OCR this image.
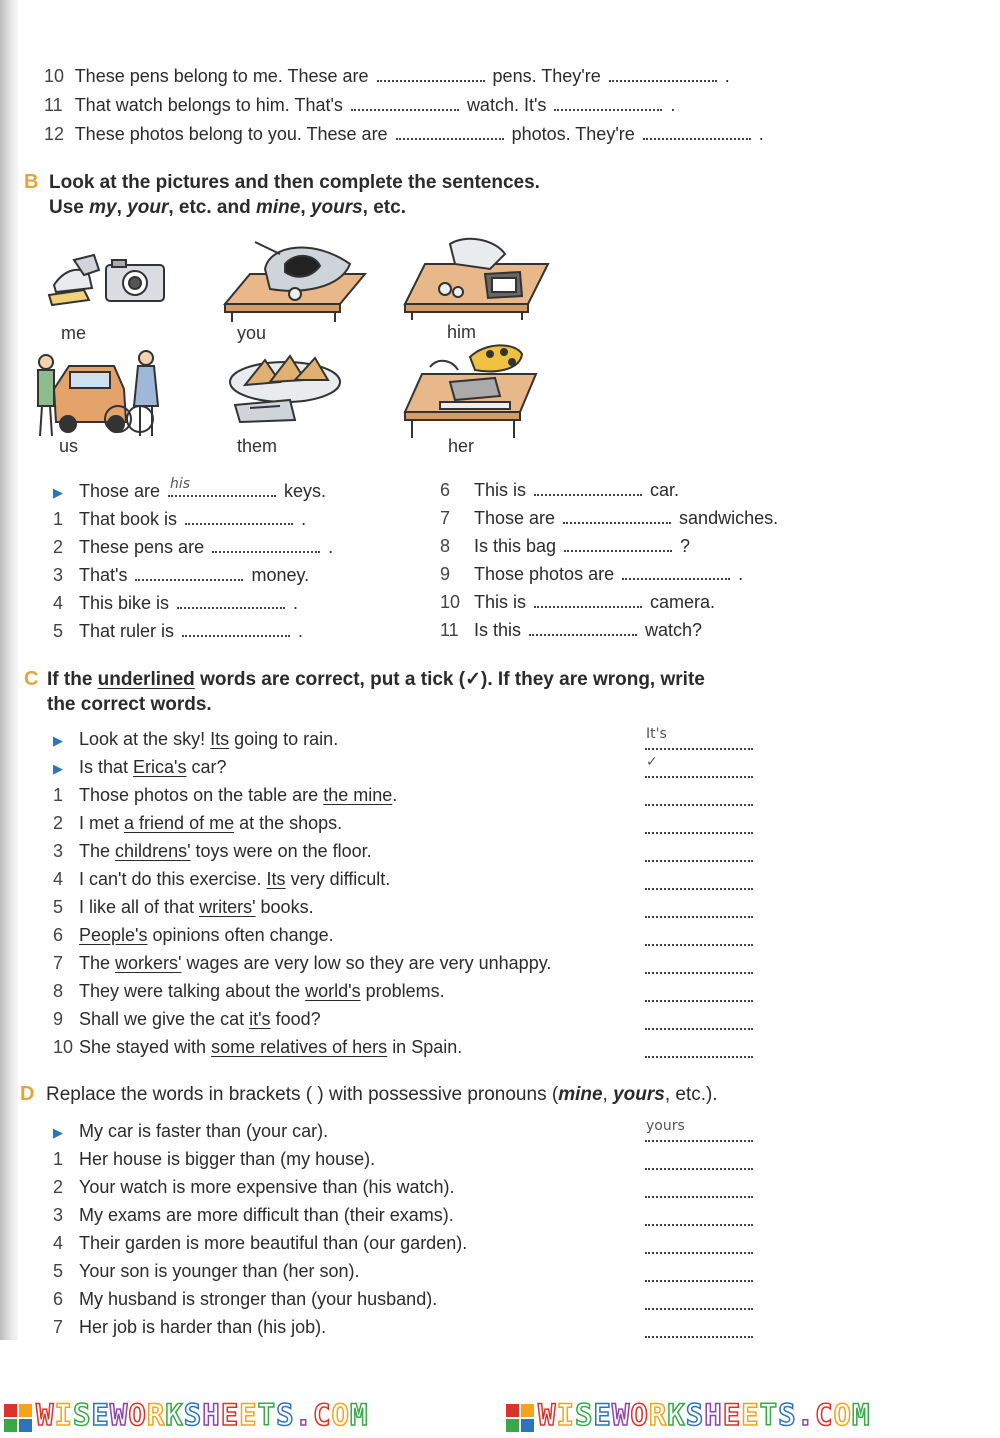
10 These pens belong to me. These are	pens. They're	.
11 That watch belongs to him. That's	watch. It's	.
12 These photos belong to you. These are	photos. They're	.
B Look at the pictures and then complete the sentences.
Use my, your, etc. and mine, yours, etc.
me	you	him
us	them	her
▶ Those are his	keys.
1 That book is	.
2 These pens are	.
3 That's	money.
4 This bike is	.
5 That ruler is	.
6 This is	car.
7 Those are	sandwiches.
8 Is this bag	?
9 Those photos are	.
10 This is	camera.
11 Is this	watch?
C If the underlined words are correct, put a tick (✓). If they are wrong, write
the correct words.
▶ Look at the sky! Its going to rain.	It's
▶ Is that Erica's car?	✓
1 Those photos on the table are the mine.
2 I met a friend of me at the shops.
3 The childrens' toys were on the floor.
4 I can't do this exercise. Its very difficult.
5 I like all of that writers' books.
6 People's opinions often change.
7 The workers' wages are very low so they are very unhappy.
8 They were talking about the world's problems.
9 Shall we give the cat it's food?
10 She stayed with some relatives of hers in Spain.
D Replace the words in brackets ( ) with possessive pronouns (mine, yours, etc.).
▶ My car is faster than (your car).	yours
1 Her house is bigger than (my house).
2 Your watch is more expensive than (his watch).
3 My exams are more difficult than (their exams).
4 Their garden is more beautiful than (our garden).
5 Your son is younger than (her son).
6 My husband is stronger than (your husband).
7 Her job is harder than (his job).
WISEWORKSHEETS.COM	WISEWORKSHEETS.COM
